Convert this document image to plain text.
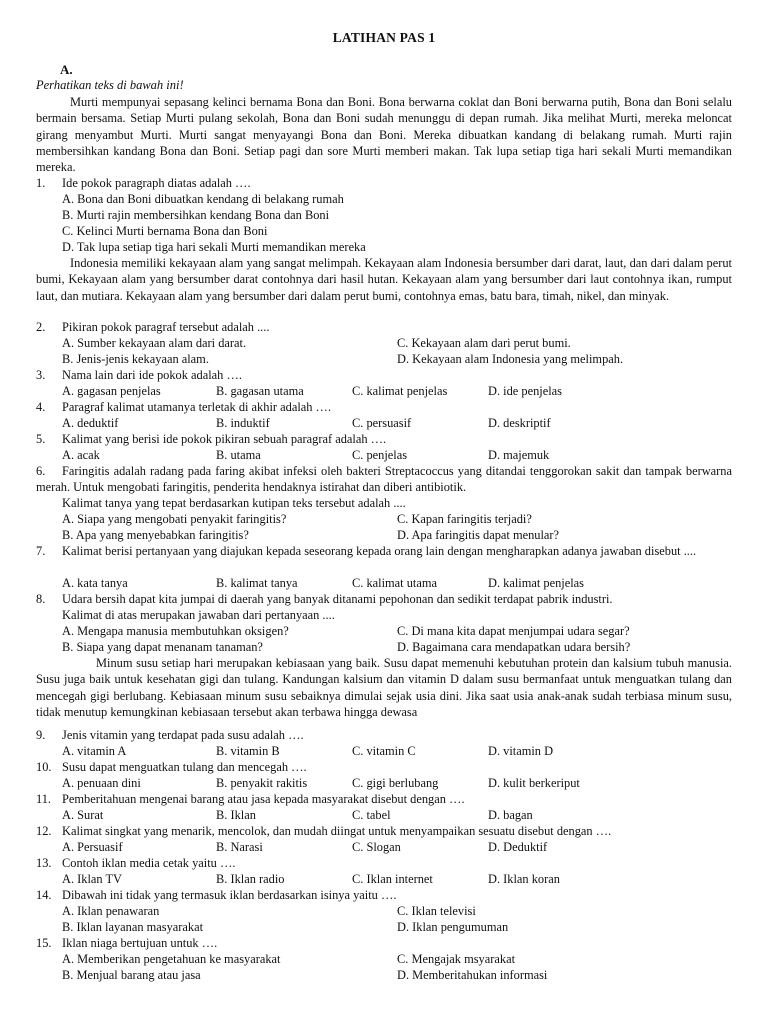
LATIHAN PAS 1
A.
Perhatikan teks di bawah ini!

Murti mempunyai sepasang kelinci bernama Bona dan Boni. Bona berwarna coklat dan Boni berwarna putih, Bona dan Boni selalu bermain bersama. Setiap Murti pulang sekolah, Bona dan Boni sudah menunggu di depan rumah. Jika melihat Murti, mereka meloncat girang menyambut Murti. Murti sangat menyayangi Bona dan Boni. Mereka dibuatkan kandang di belakang rumah. Murti rajin membersihkan kandang Bona dan Boni. Setiap pagi dan sore Murti memberi makan. Tak lupa setiap tiga hari sekali Murti memandikan mereka.

1. Ide pokok paragraph diatas adalah ….
A. Bona dan Boni dibuatkan kendang di belakang rumah
B. Murti rajin membersihkan kendang Bona dan Boni
C. Kelinci Murti bernama Bona dan Boni
D. Tak lupa setiap tiga hari sekali Murti memandikan mereka

Indonesia memiliki kekayaan alam yang sangat melimpah. Kekayaan alam Indonesia bersumber dari darat, laut, dan dari dalam perut bumi, Kekayaan alam yang bersumber darat contohnya dari hasil hutan. Kekayaan alam yang bersumber dari laut contohnya ikan, rumput laut, dan mutiara. Kekayaan alam yang bersumber dari dalam perut bumi, contohnya emas, batu bara, timah, nikel, dan minyak.

2. Pikiran pokok paragraf tersebut adalah ....
A. Sumber kekayaan alam dari darat.	C. Kekayaan alam dari perut bumi.
B. Jenis-jenis kekayaan alam.	D. Kekayaan alam Indonesia yang melimpah.
3. Nama lain dari ide pokok adalah ….
A. gagasan penjelas	B. gagasan utama	C. kalimat penjelas	D. ide penjelas
4. Paragraf kalimat utamanya terletak di akhir adalah ….
A. deduktif	B. induktif	C. persuasif	D. deskriptif
5. Kalimat yang berisi ide pokok pikiran sebuah paragraf adalah ….
A. acak	B. utama	C. penjelas	D. majemuk
6. Faringitis adalah radang pada faring akibat infeksi oleh bakteri Streptacoccus yang ditandai tenggorokan sakit dan tampak berwarna merah. Untuk mengobati faringitis, penderita hendaknya istirahat dan diberi antibiotik.
Kalimat tanya yang tepat berdasarkan kutipan teks tersebut adalah ....
A. Siapa yang mengobati penyakit faringitis?	C. Kapan faringitis terjadi?
B. Apa yang menyebabkan faringitis?	D. Apa faringitis dapat menular?
7. Kalimat berisi pertanyaan yang diajukan kepada seseorang kepada orang lain dengan mengharapkan adanya jawaban disebut ....
A. kata tanya	B. kalimat tanya	C. kalimat utama	D. kalimat penjelas
8. Udara bersih dapat kita jumpai di daerah yang banyak ditanami pepohonan dan sedikit terdapat pabrik industri.
Kalimat di atas merupakan jawaban dari pertanyaan ....
A. Mengapa manusia membutuhkan oksigen?	C. Di mana kita dapat menjumpai udara segar?
B. Siapa yang dapat menanam tanaman?	D. Bagaimana cara mendapatkan udara bersih?

Minum susu setiap hari merupakan kebiasaan yang baik. Susu dapat memenuhi kebutuhan protein dan kalsium tubuh manusia. Susu juga baik untuk kesehatan gigi dan tulang. Kandungan kalsium dan vitamin D dalam susu bermanfaat untuk menguatkan tulang dan mencegah gigi berlubang. Kebiasaan minum susu sebaiknya dimulai sejak usia dini. Jika saat usia anak-anak sudah terbiasa minum susu, tidak menutup kemungkinan kebiasaan tersebut akan terbawa hingga dewasa

9. Jenis vitamin yang terdapat pada susu adalah ….
A. vitamin A	B. vitamin B	C. vitamin C	D. vitamin D
10. Susu dapat menguatkan tulang dan mencegah ….
A. penuaan dini	B. penyakit rakitis	C. gigi berlubang	D. kulit berkeriput
11. Pemberitahuan mengenai barang atau jasa kepada masyarakat disebut dengan ….
A. Surat	B. Iklan	C. tabel	D. bagan
12. Kalimat singkat yang menarik, mencolok, dan mudah diingat untuk menyampaikan sesuatu disebut dengan ….
A. Persuasif	B. Narasi	C. Slogan	D. Deduktif
13. Contoh iklan media cetak yaitu ….
A. Iklan TV	B. Iklan radio	C. Iklan internet	D. Iklan koran
14. Dibawah ini tidak yang termasuk iklan berdasarkan isinya yaitu ….
A. Iklan penawaran	C. Iklan televisi
B. Iklan layanan masyarakat	D. Iklan pengumuman
15. Iklan niaga bertujuan untuk ….
A. Memberikan pengetahuan ke masyarakat	C. Mengajak msyarakat
B. Menjual barang atau jasa	D. Memberitahukan informasi
